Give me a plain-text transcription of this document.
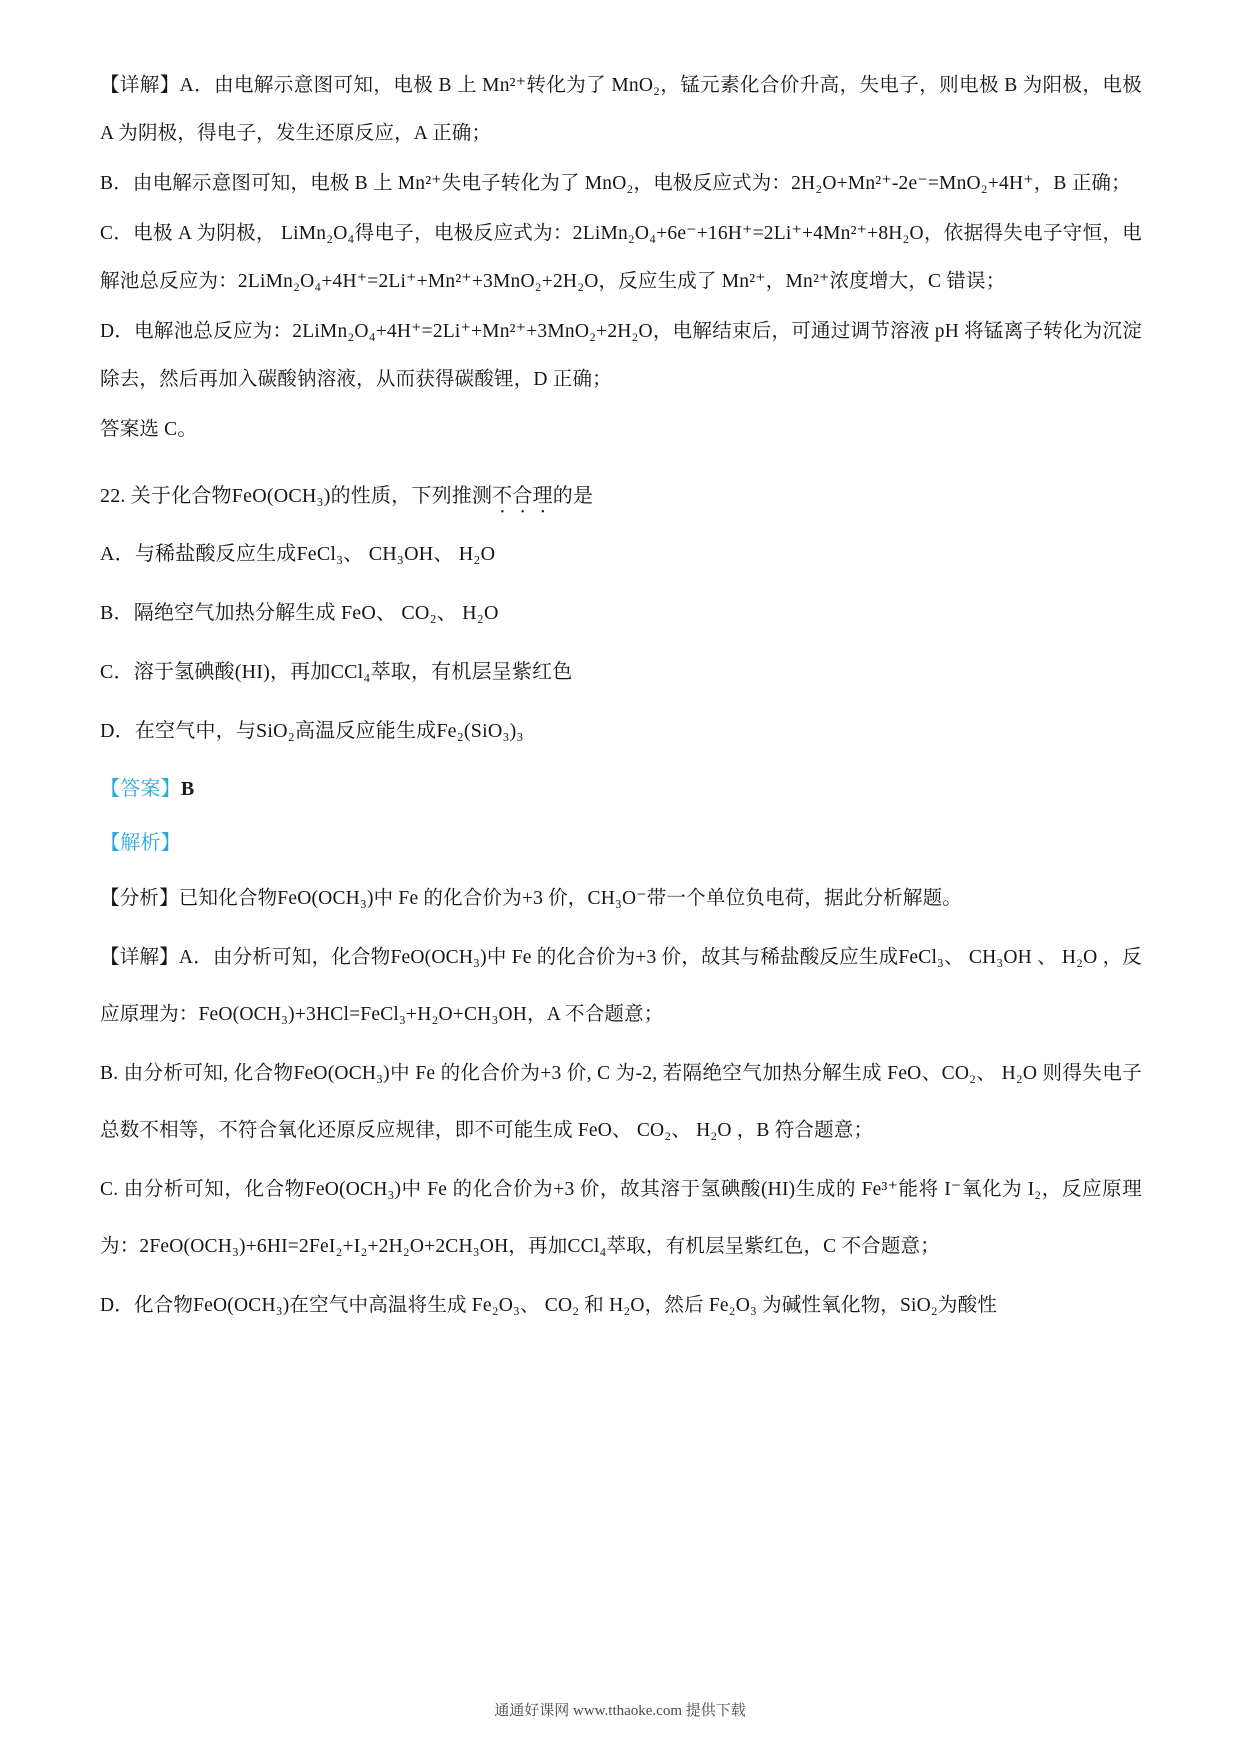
【详解】A．由电解示意图可知，电极 B 上 Mn²⁺转化为了 MnO₂，锰元素化合价升高，失电子，则电极 B 为阳极，电极 A 为阴极，得电子，发生还原反应，A 正确；

B．由电解示意图可知，电极 B 上 Mn²⁺失电子转化为了 MnO₂，电极反应式为：2H₂O+Mn²⁺-2e⁻=MnO₂+4H⁺，B 正确；

C．电极 A 为阴极， LiMn₂O₄得电子，电极反应式为：2LiMn₂O₄+6e⁻+16H⁺=2Li⁺+4Mn²⁺+8H₂O，依据得失电子守恒，电解池总反应为：2LiMn₂O₄+4H⁺=2Li⁺+Mn²⁺+3MnO₂+2H₂O，反应生成了 Mn²⁺，Mn²⁺浓度增大，C 错误；

D．电解池总反应为：2LiMn₂O₄+4H⁺=2Li⁺+Mn²⁺+3MnO₂+2H₂O，电解结束后，可通过调节溶液 pH 将锰离子转化为沉淀除去，然后再加入碳酸钠溶液，从而获得碳酸锂，D 正确；

答案选 C。

22. 关于化合物FeO(OCH₃)的性质，下列推测不合理的是

A．与稀盐酸反应生成FeCl₃、 CH₃OH、 H₂O

B．隔绝空气加热分解生成 FeO、 CO₂、 H₂O

C．溶于氢碘酸(HI)，再加CCl₄萃取，有机层呈紫红色

D．在空气中，与SiO₂高温反应能生成Fe₂(SiO₃)₃

【答案】B

【解析】

【分析】已知化合物FeO(OCH₃)中 Fe 的化合价为+3 价，CH₃O⁻带一个单位负电荷，据此分析解题。

【详解】A．由分析可知，化合物FeO(OCH₃)中 Fe 的化合价为+3 价，故其与稀盐酸反应生成FeCl₃、 CH₃OH 、 H₂O ，反应原理为：FeO(OCH₃)+3HCl=FeCl₃+H₂O+CH₃OH，A 不合题意；

B. 由分析可知, 化合物FeO(OCH₃)中 Fe 的化合价为+3 价, C 为-2, 若隔绝空气加热分解生成 FeO、CO₂、 H₂O 则得失电子总数不相等，不符合氧化还原反应规律，即不可能生成 FeO、 CO₂、 H₂O ，B 符合题意；

C. 由分析可知，化合物FeO(OCH₃)中 Fe 的化合价为+3 价，故其溶于氢碘酸(HI)生成的 Fe³⁺能将 I⁻氧化为 I₂，反应原理为：2FeO(OCH₃)+6HI=2FeI₂+I₂+2H₂O+2CH₃OH，再加CCl₄萃取，有机层呈紫红色，C 不合题意；

D．化合物FeO(OCH₃)在空气中高温将生成 Fe₂O₃、 CO₂ 和 H₂O，然后 Fe₂O₃ 为碱性氧化物，SiO₂为酸性

通通好课网 www.tthaoke.com 提供下载
